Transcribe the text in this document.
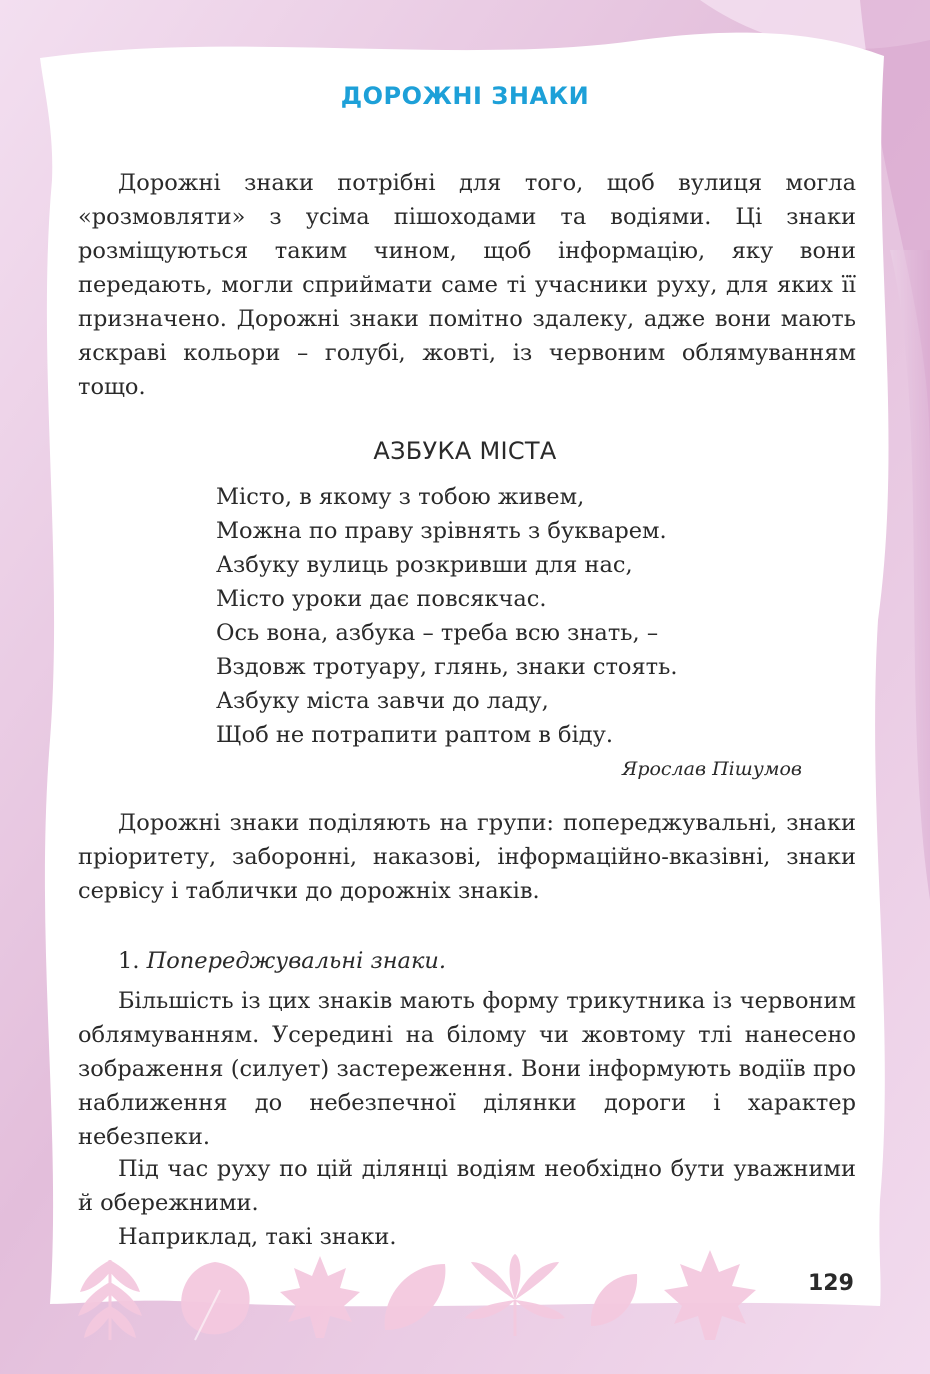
ДОРОЖНІ ЗНАКИ

Дорожні знаки потрібні для того, щоб вулиця могла «розмовляти» з усіма пішоходами та водіями. Ці знаки розміщуються таким чином, щоб інформацію, яку вони передають, могли сприймати саме ті учасники руху, для яких її призначено. Дорожні знаки помітно здалеку, адже вони мають яскраві кольори – голубі, жовті, із червоним облямуванням тощо.

АЗБУКА МІСТА
Місто, в якому з тобою живем,
Можна по праву зрівнять з букварем.
Азбуку вулиць розкривши для нас,
Місто уроки дає повсякчас.
Ось вона, азбука – треба всю знать, –
Вздовж тротуару, глянь, знаки стоять.
Азбуку міста завчи до ладу,
Щоб не потрапити раптом в біду.
Ярослав Пішумов

Дорожні знаки поділяють на групи: попереджувальні, знаки пріоритету, заборонні, наказові, інформаційно-вказівні, знаки сервісу і таблички до дорожніх знаків.

1. Попереджувальні знаки.

Більшість із цих знаків мають форму трикутника із червоним облямуванням. Усередині на білому чи жовтому тлі нанесено зображення (силует) застереження. Вони інформують водіїв про наближення до небезпечної ділянки дороги і характер небезпеки.

Під час руху по цій ділянці водіям необхідно бути уважними й обережними.

Наприклад, такі знаки.

129
